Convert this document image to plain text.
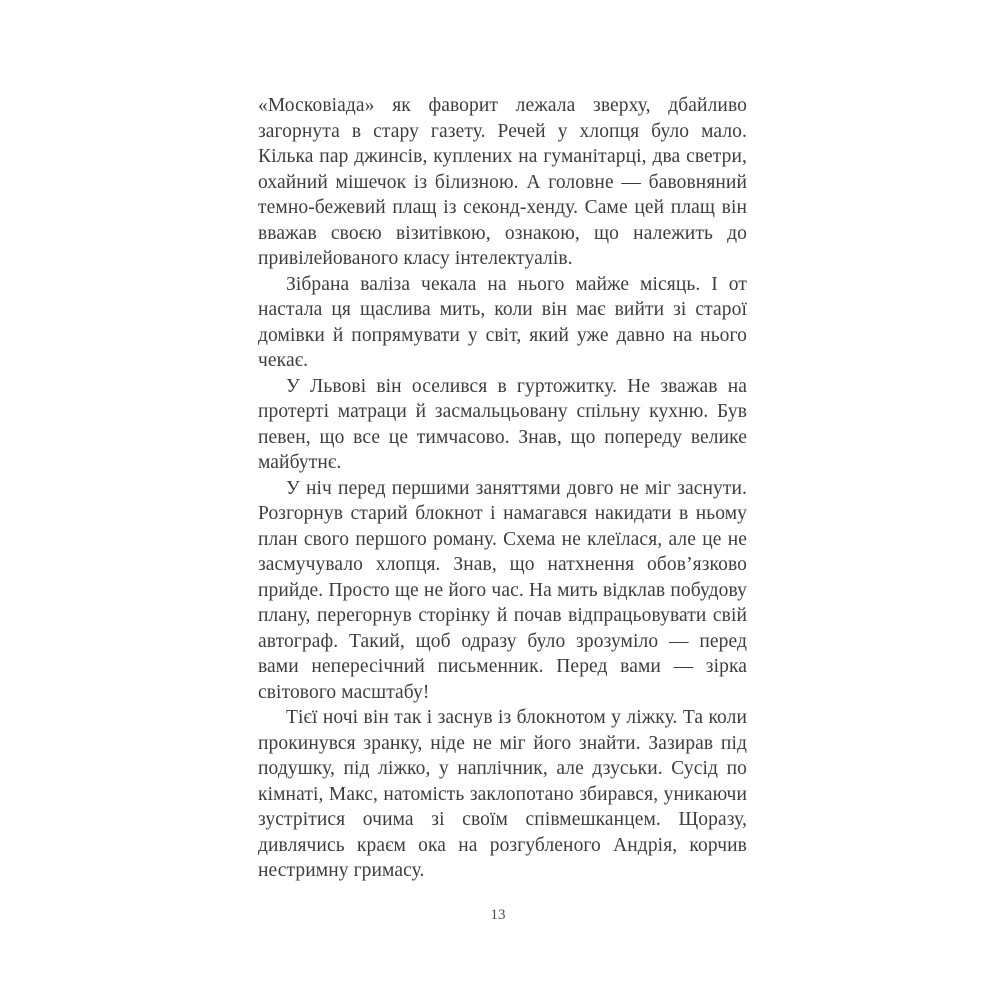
«Московіада» як фаворит лежала зверху, дбайливо загорнута в стару газету. Речей у хлопця було мало. Кілька пар джинсів, куплених на гуманітарці, два светри, охайний мішечок із білизною. А головне — бавовняний темно-бежевий плащ із секонд-хенду. Саме цей плащ він вважав своєю візитівкою, ознакою, що належить до привілейованого класу інтелектуалів.

Зібрана валіза чекала на нього майже місяць. І от настала ця щаслива мить, коли він має вийти зі старої домівки й попрямувати у світ, який уже давно на нього чекає.

У Львові він оселився в гуртожитку. Не зважав на протерті матраци й засмальцьовану спільну кухню. Був певен, що все це тимчасово. Знав, що попереду велике майбутнє.

У ніч перед першими заняттями довго не міг заснути. Розгорнув старий блокнот і намагався накидати в ньому план свого першого роману. Схема не клеїлася, але це не засмучувало хлопця. Знав, що натхнення обов’язково прийде. Просто ще не його час. На мить відклав побудову плану, перегорнув сторінку й почав відпрацьовувати свій автограф. Такий, щоб одразу було зрозуміло — перед вами непересічний письменник. Перед вами — зірка світового масштабу!

Тієї ночі він так і заснув із блокнотом у ліжку. Та коли прокинувся зранку, ніде не міг його знайти. Зазирав під подушку, під ліжко, у наплічник, але дзуськи. Сусід по кімнаті, Макс, натомість заклопотано збирався, уникаючи зустрітися очима зі своїм співмешканцем. Щоразу, дивлячись краєм ока на розгубленого Андрія, корчив нестримну гримасу.

13
